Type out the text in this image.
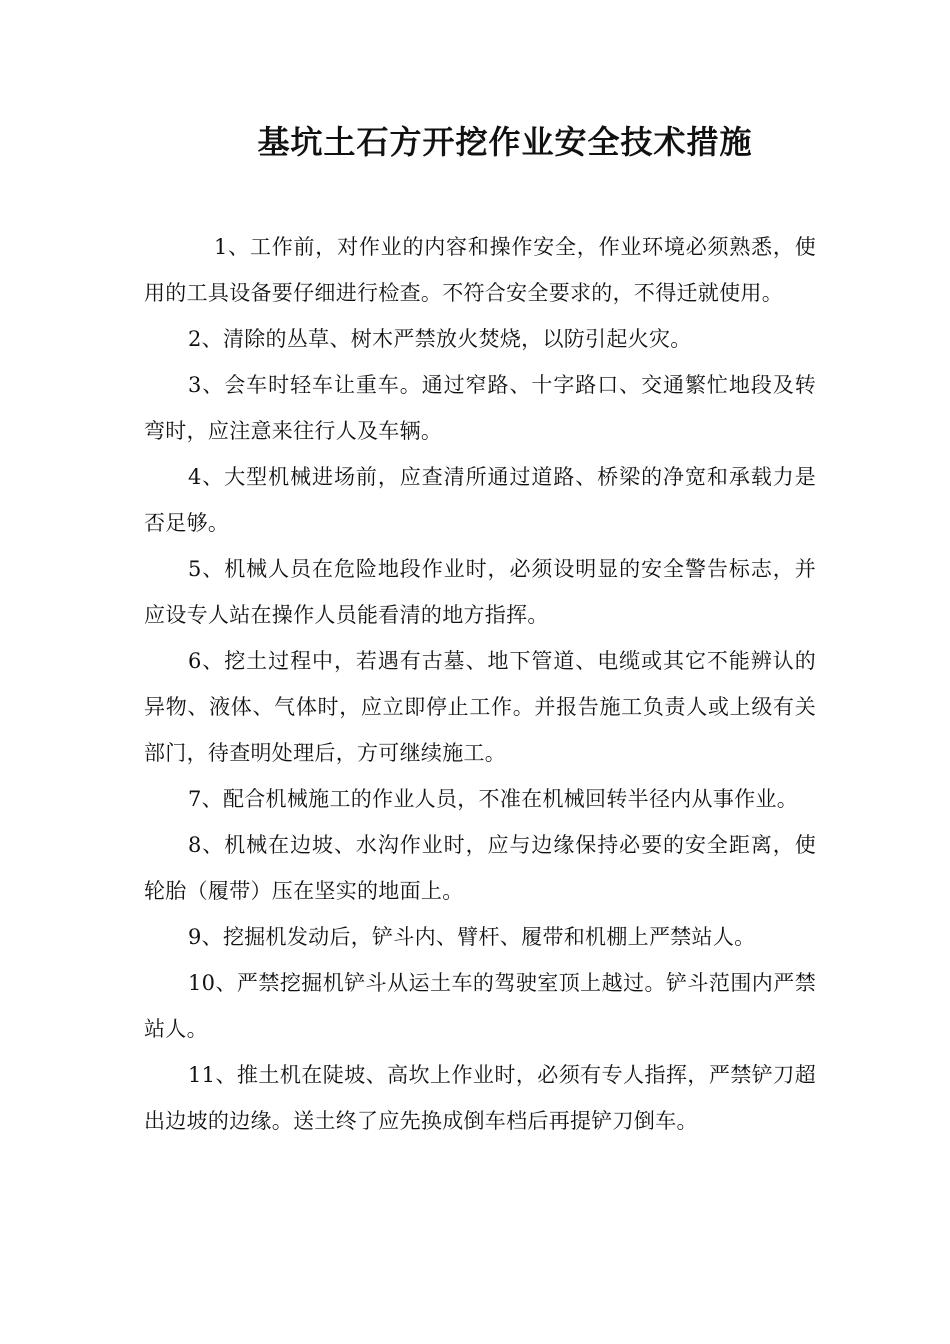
基坑土石方开挖作业安全技术措施

1、工作前，对作业的内容和操作安全，作业环境必须熟悉，使用的工具设备要仔细进行检查。不符合安全要求的，不得迁就使用。

2、清除的丛草、树木严禁放火焚烧，以防引起火灾。

3、会车时轻车让重车。通过窄路、十字路口、交通繁忙地段及转弯时，应注意来往行人及车辆。

4、大型机械进场前，应查清所通过道路、桥梁的净宽和承载力是否足够。

5、机械人员在危险地段作业时，必须设明显的安全警告标志，并应设专人站在操作人员能看清的地方指挥。

6、挖土过程中，若遇有古墓、地下管道、电缆或其它不能辨认的异物、液体、气体时，应立即停止工作。并报告施工负责人或上级有关部门，待查明处理后，方可继续施工。

7、配合机械施工的作业人员，不准在机械回转半径内从事作业。

8、机械在边坡、水沟作业时，应与边缘保持必要的安全距离，使轮胎（履带）压在坚实的地面上。

9、挖掘机发动后，铲斗内、臂杆、履带和机棚上严禁站人。

10、严禁挖掘机铲斗从运土车的驾驶室顶上越过。铲斗范围内严禁站人。

11、推土机在陡坡、高坎上作业时，必须有专人指挥，严禁铲刀超出边坡的边缘。送土终了应先换成倒车档后再提铲刀倒车。
